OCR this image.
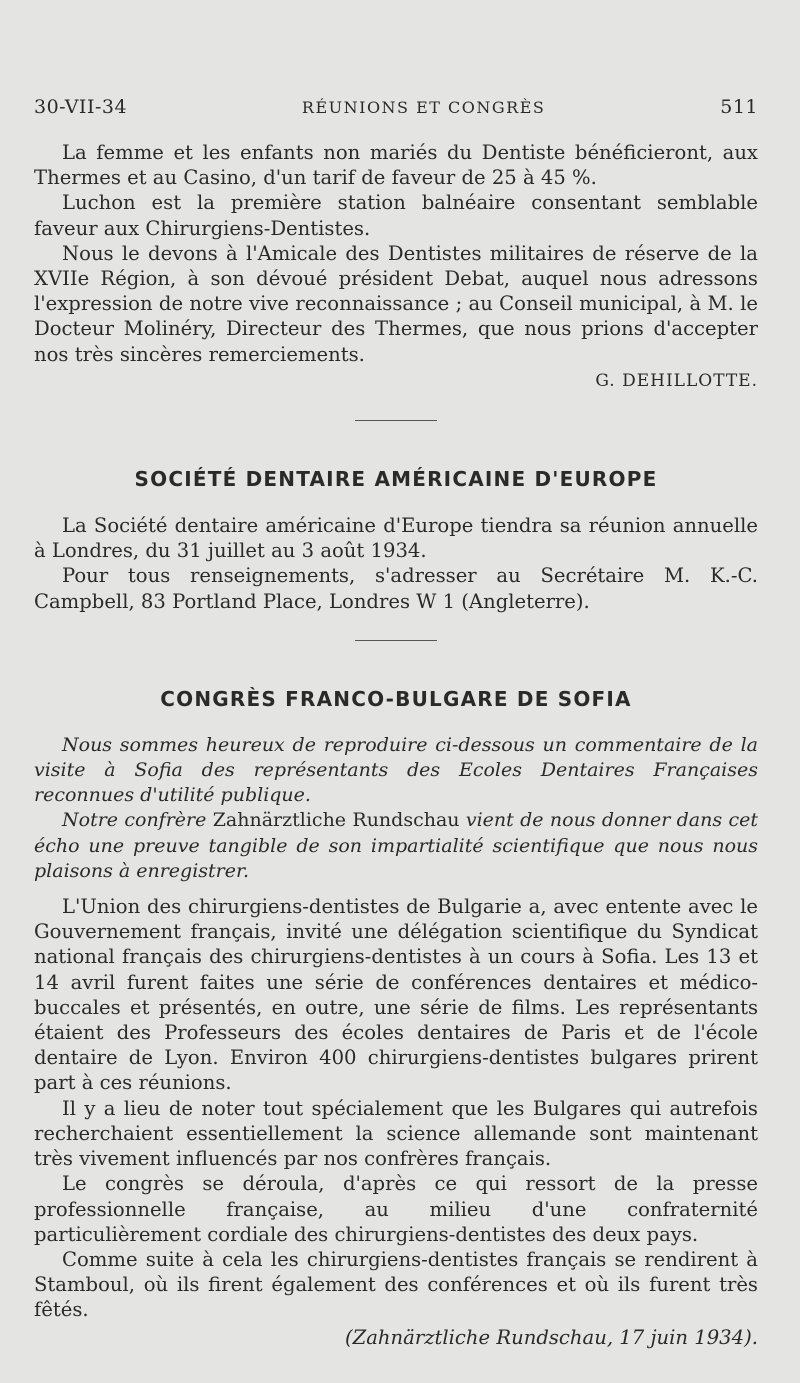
30-VII-34	RÉUNIONS ET CONGRÈS	511

La femme et les enfants non mariés du Dentiste bénéficieront, aux Thermes et au Casino, d'un tarif de faveur de 25 à 45 %.

Luchon est la première station balnéaire consentant semblable faveur aux Chirurgiens-Dentistes.

Nous le devons à l'Amicale des Dentistes militaires de réserve de la XVIIe Région, à son dévoué président Debat, auquel nous adressons l'expression de notre vive reconnaissance ; au Conseil municipal, à M. le Docteur Molinéry, Directeur des Thermes, que nous prions d'accepter nos très sincères remerciements.

G. DEHILLOTTE.

SOCIÉTÉ DENTAIRE AMÉRICAINE D'EUROPE

La Société dentaire américaine d'Europe tiendra sa réunion annuelle à Londres, du 31 juillet au 3 août 1934.

Pour tous renseignements, s'adresser au Secrétaire M. K.-C. Campbell, 83 Portland Place, Londres W 1 (Angleterre).

CONGRÈS FRANCO-BULGARE DE SOFIA

Nous sommes heureux de reproduire ci-dessous un commentaire de la visite à Sofia des représentants des Ecoles Dentaires Françaises reconnues d'utilité publique.

Notre confrère Zahnärztliche Rundschau vient de nous donner dans cet écho une preuve tangible de son impartialité scientifique que nous nous plaisons à enregistrer.

L'Union des chirurgiens-dentistes de Bulgarie a, avec entente avec le Gouvernement français, invité une délégation scientifique du Syndicat national français des chirurgiens-dentistes à un cours à Sofia. Les 13 et 14 avril furent faites une série de conférences dentaires et médico-buccales et présentés, en outre, une série de films. Les représentants étaient des Professeurs des écoles dentaires de Paris et de l'école dentaire de Lyon. Environ 400 chirurgiens-dentistes bulgares prirent part à ces réunions.

Il y a lieu de noter tout spécialement que les Bulgares qui autrefois recherchaient essentiellement la science allemande sont maintenant très vivement influencés par nos confrères français.

Le congrès se déroula, d'après ce qui ressort de la presse professionnelle française, au milieu d'une confraternité particulièrement cordiale des chirurgiens-dentistes des deux pays.

Comme suite à cela les chirurgiens-dentistes français se rendirent à Stamboul, où ils firent également des conférences et où ils furent très fêtés.

(Zahnärztliche Rundschau, 17 juin 1934).
